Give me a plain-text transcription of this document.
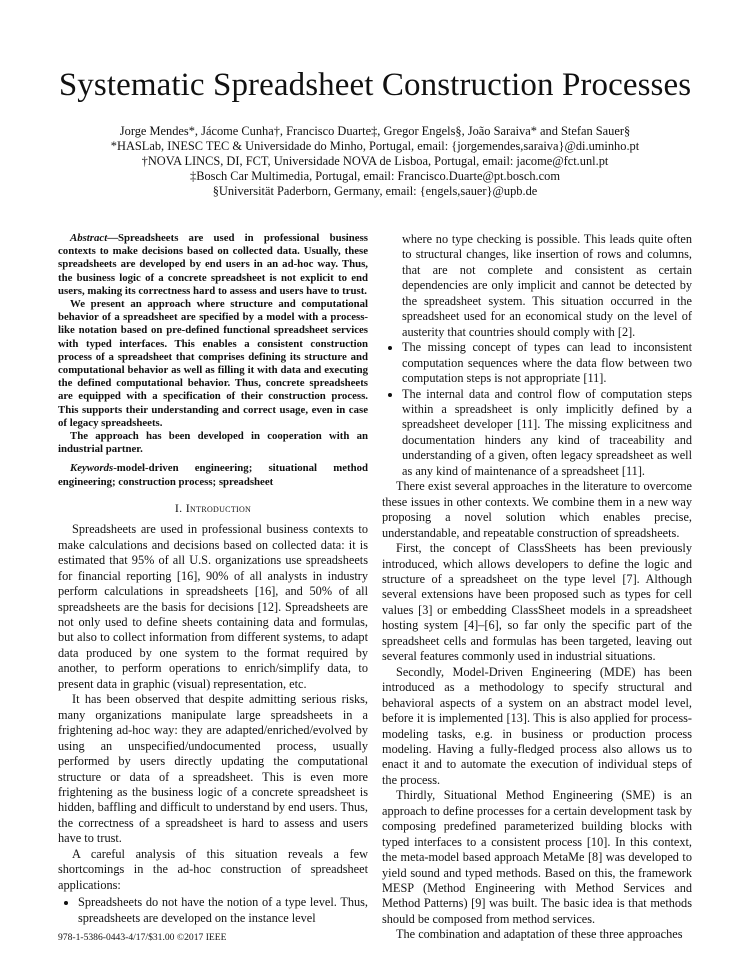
Systematic Spreadsheet Construction Processes
Jorge Mendes*, Jácome Cunha†, Francisco Duarte‡, Gregor Engels§, João Saraiva* and Stefan Sauer§
*HASLab, INESC TEC & Universidade do Minho, Portugal, email: {jorgemendes,saraiva}@di.uminho.pt
†NOVA LINCS, DI, FCT, Universidade NOVA de Lisboa, Portugal, email: jacome@fct.unl.pt
‡Bosch Car Multimedia, Portugal, email: Francisco.Duarte@pt.bosch.com
§Universität Paderborn, Germany, email: {engels,sauer}@upb.de

Abstract—Spreadsheets are used in professional business contexts to make decisions based on collected data. Usually, these spreadsheets are developed by end users in an ad-hoc way. Thus, the business logic of a concrete spreadsheet is not explicit to end users, making its correctness hard to assess and users have to trust.

We present an approach where structure and computational behavior of a spreadsheet are specified by a model with a process-like notation based on pre-defined functional spreadsheet services with typed interfaces. This enables a consistent construction process of a spreadsheet that comprises defining its structure and computational behavior as well as filling it with data and executing the defined computational behavior. Thus, concrete spreadsheets are equipped with a specification of their construction process. This supports their understanding and correct usage, even in case of legacy spreadsheets.

The approach has been developed in cooperation with an industrial partner.

Keywords-model-driven engineering; situational method engineering; construction process; spreadsheet
I. Introduction

Spreadsheets are used in professional business contexts to make calculations and decisions based on collected data: it is estimated that 95% of all U.S. organizations use spreadsheets for financial reporting [16], 90% of all analysts in industry perform calculations in spreadsheets [16], and 50% of all spreadsheets are the basis for decisions [12]. Spreadsheets are not only used to define sheets containing data and formulas, but also to collect information from different systems, to adapt data produced by one system to the format required by another, to perform operations to enrich/simplify data, to present data in graphic (visual) representation, etc.

It has been observed that despite admitting serious risks, many organizations manipulate large spreadsheets in a frightening ad-hoc way: they are adapted/enriched/evolved by using an unspecified/undocumented process, usually performed by users directly updating the computational structure or data of a spreadsheet. This is even more frightening as the business logic of a concrete spreadsheet is hidden, baffling and difficult to understand by end users. Thus, the correctness of a spreadsheet is hard to assess and users have to trust.

A careful analysis of this situation reveals a few shortcomings in the ad-hoc construction of spreadsheet applications:

• Spreadsheets do not have the notion of a type level. Thus, spreadsheets are developed on the instance level
where no type checking is possible. This leads quite often to structural changes, like insertion of rows and columns, that are not complete and consistent as certain dependencies are only implicit and cannot be detected by the spreadsheet system. This situation occurred in the spreadsheet used for an economical study on the level of austerity that countries should comply with [2].
• The missing concept of types can lead to inconsistent computation sequences where the data flow between two computation steps is not appropriate [11].
• The internal data and control flow of computation steps within a spreadsheet is only implicitly defined by a spreadsheet developer [11]. The missing explicitness and documentation hinders any kind of traceability and understanding of a given, often legacy spreadsheet as well as any kind of maintenance of a spreadsheet [11].

There exist several approaches in the literature to overcome these issues in other contexts. We combine them in a new way proposing a novel solution which enables precise, understandable, and repeatable construction of spreadsheets.

First, the concept of ClassSheets has been previously introduced, which allows developers to define the logic and structure of a spreadsheet on the type level [7]. Although several extensions have been proposed such as types for cell values [3] or embedding ClassSheet models in a spreadsheet hosting system [4]–[6], so far only the specific part of the spreadsheet cells and formulas has been targeted, leaving out several features commonly used in industrial situations.

Secondly, Model-Driven Engineering (MDE) has been introduced as a methodology to specify structural and behavioral aspects of a system on an abstract model level, before it is implemented [13]. This is also applied for process-modeling tasks, e.g. in business or production process modeling. Having a fully-fledged process also allows us to enact it and to automate the execution of individual steps of the process.

Thirdly, Situational Method Engineering (SME) is an approach to define processes for a certain development task by composing predefined parameterized building blocks with typed interfaces to a consistent process [10]. In this context, the meta-model based approach MetaMe [8] was developed to yield sound and typed methods. Based on this, the framework MESP (Method Engineering with Method Services and Method Patterns) [9] was built. The basic idea is that methods should be composed from method services.

The combination and adaptation of these three approaches

978-1-5386-0443-4/17/$31.00 ©2017 IEEE
